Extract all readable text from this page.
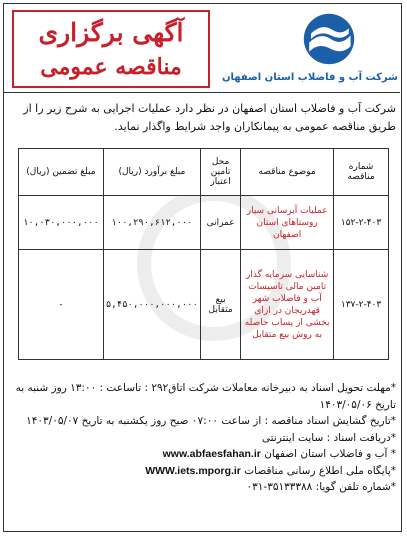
آگهی برگزاری
مناقصه عمومی	شرکت آب و فاضلاب استان اصفهان
شرکت آب و فاضلاب استان اصفهان در نظر دارد عملیات اجرایی به شرح زیر را از طریق مناقصه عمومی به پیمانکاران واجد شرایط واگذار نماید.
شماره مناقصه	موضوع مناقصه	محل تامین اعتبار	مبلغ برآورد (ریال)	مبلغ تضمین (ریال)
۱۵۲-۲-۴۰۳	عملیات آبرسانی سیار روستاهای استان اصفهان	عمرانی	۱۰۰,۲۹۰,۶۱۲,۰۰۰	۱۰,۰۳۰,۰۰۰,۰۰۰
۱۳۷-۲-۴۰۳	شناسایی سرمایه گذار تامین مالی تاسیسات آب و فاضلاب شهر قهدریجان در ازای بخشی از پساب حاصله به روش بیع متقابل	بیع متقابل	۵,۴۵۰,۰۰۰,۰۰۰,۰۰۰	-

*مهلت تحویل اسناد به دبیرخانه معاملات شرکت اتاق۲۹۲ : تاساعت : ۱۳:۰۰ روز شنبه به تاریخ ۱۴۰۳/۰۵/۰۶

*تاریخ گشایش اسناد مناقصه : از ساعت ۰۷:۰۰ صبح روز یکشنبه به تاریخ ۱۴۰۳/۰۵/۰۷

*دریافت اسناد : سایت اینترنتی

* آب و فاضلاب استان اصفهان www.abfaesfahan.ir

*پایگاه ملی اطلاع رسانی مناقصات WWW.iets.mporg.ir

*شماره تلفن گویا: ۳۵۱۳۳۳۸۸-۰۳۱
